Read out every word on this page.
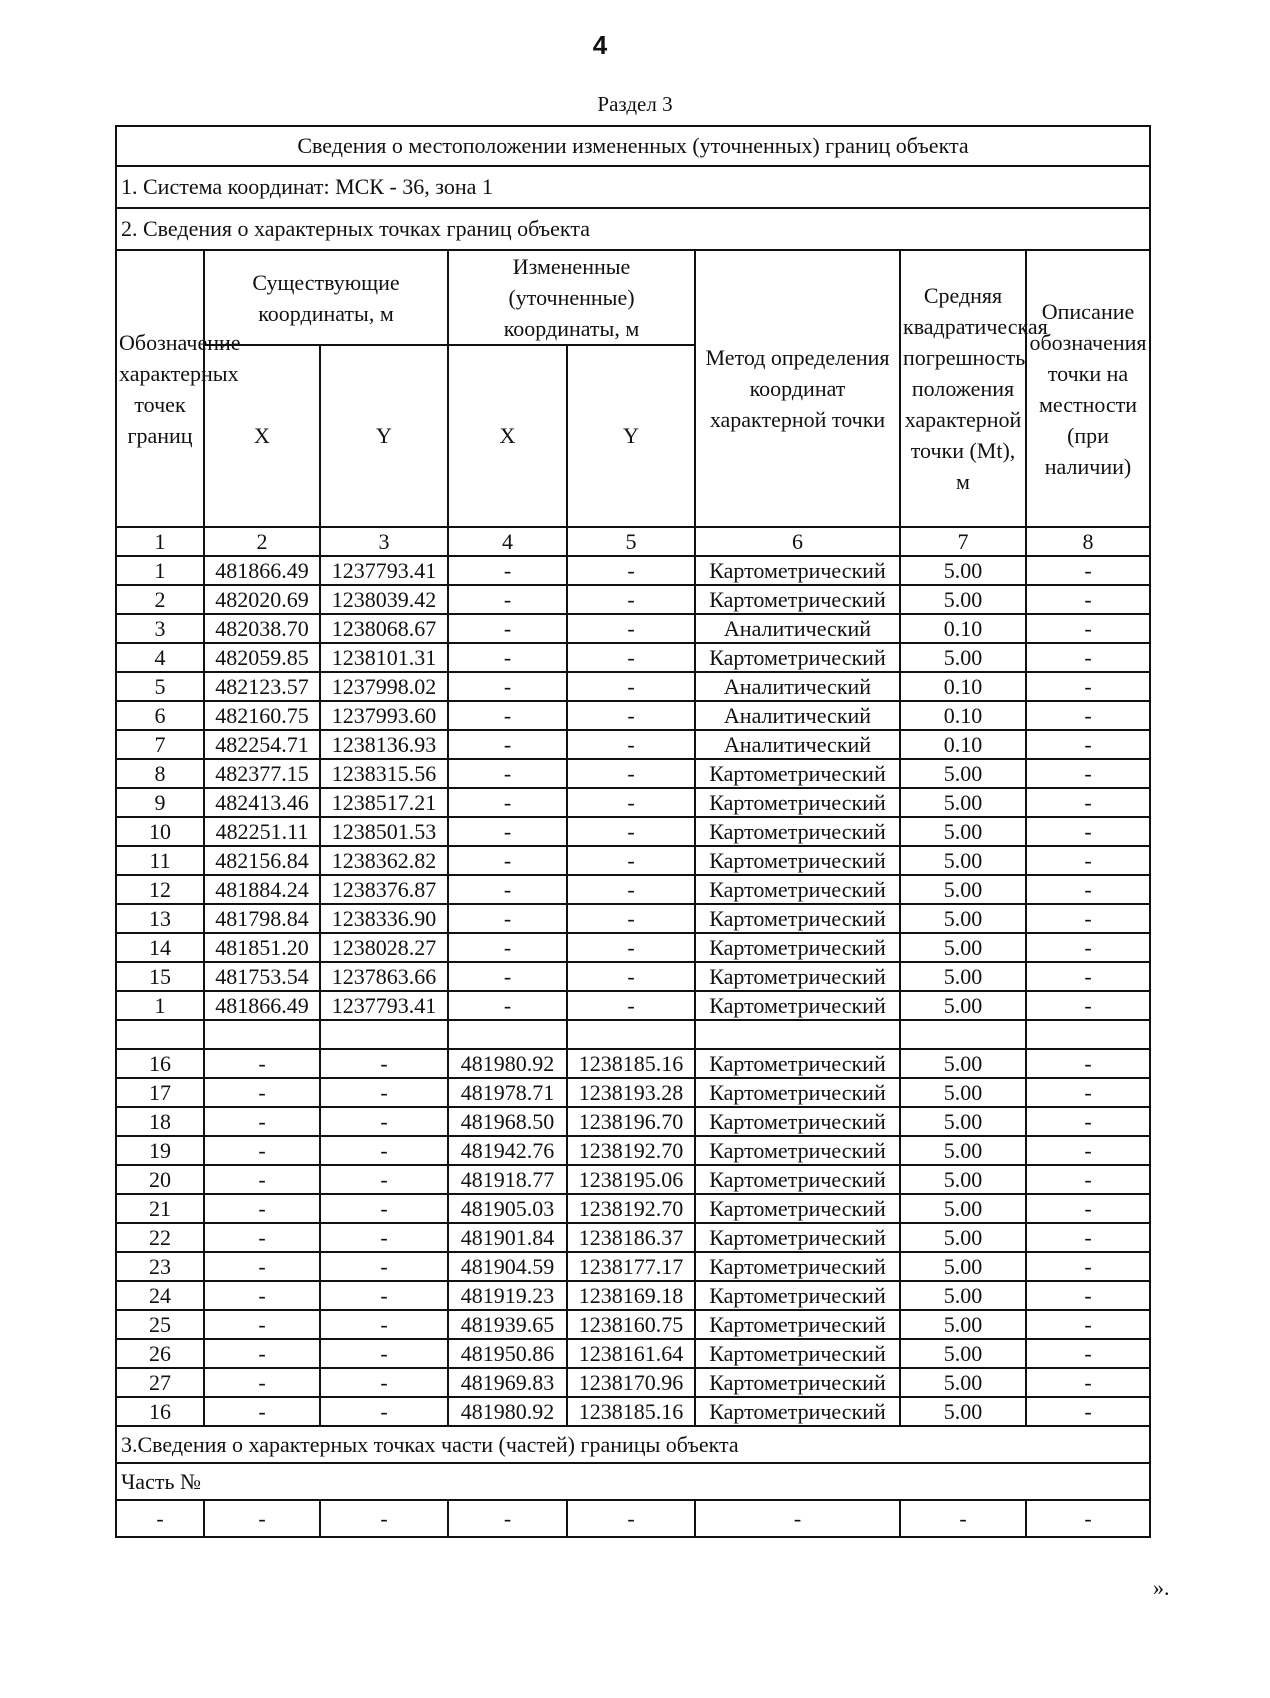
4
Раздел 3
Сведения о местоположении измененных (уточненных) границ объекта							
1. Система координат: МСК - 36, зона 1							
2. Сведения о характерных точках границ объекта							
Обозначение характерных точек границ	Существующие координаты, м		Измененные (уточненные) координаты, м		Метод определения координат характерной точки	Средняя квадратическая погрешность положения характерной точки (Mt), м	Описание обозначения точки на местности (при наличии)
	X	Y	X	Y			
1	2	3	4	5	6	7	8
1	481866.49	1237793.41	-	-	Картометрический	5.00	-
2	482020.69	1238039.42	-	-	Картометрический	5.00	-
3	482038.70	1238068.67	-	-	Аналитический	0.10	-
4	482059.85	1238101.31	-	-	Картометрический	5.00	-
5	482123.57	1237998.02	-	-	Аналитический	0.10	-
6	482160.75	1237993.60	-	-	Аналитический	0.10	-
7	482254.71	1238136.93	-	-	Аналитический	0.10	-
8	482377.15	1238315.56	-	-	Картометрический	5.00	-
9	482413.46	1238517.21	-	-	Картометрический	5.00	-
10	482251.11	1238501.53	-	-	Картометрический	5.00	-
11	482156.84	1238362.82	-	-	Картометрический	5.00	-
12	481884.24	1238376.87	-	-	Картометрический	5.00	-
13	481798.84	1238336.90	-	-	Картометрический	5.00	-
14	481851.20	1238028.27	-	-	Картометрический	5.00	-
15	481753.54	1237863.66	-	-	Картометрический	5.00	-
1	481866.49	1237793.41	-	-	Картометрический	5.00	-

16	-	-	481980.92	1238185.16	Картометрический	5.00	-
17	-	-	481978.71	1238193.28	Картометрический	5.00	-
18	-	-	481968.50	1238196.70	Картометрический	5.00	-
19	-	-	481942.76	1238192.70	Картометрический	5.00	-
20	-	-	481918.77	1238195.06	Картометрический	5.00	-
21	-	-	481905.03	1238192.70	Картометрический	5.00	-
22	-	-	481901.84	1238186.37	Картометрический	5.00	-
23	-	-	481904.59	1238177.17	Картометрический	5.00	-
24	-	-	481919.23	1238169.18	Картометрический	5.00	-
25	-	-	481939.65	1238160.75	Картометрический	5.00	-
26	-	-	481950.86	1238161.64	Картометрический	5.00	-
27	-	-	481969.83	1238170.96	Картометрический	5.00	-
16	-	-	481980.92	1238185.16	Картометрический	5.00	-
3.Сведения о характерных точках части (частей) границы объекта							
Часть №							
-	-	-	-	-	-	-	-
».
